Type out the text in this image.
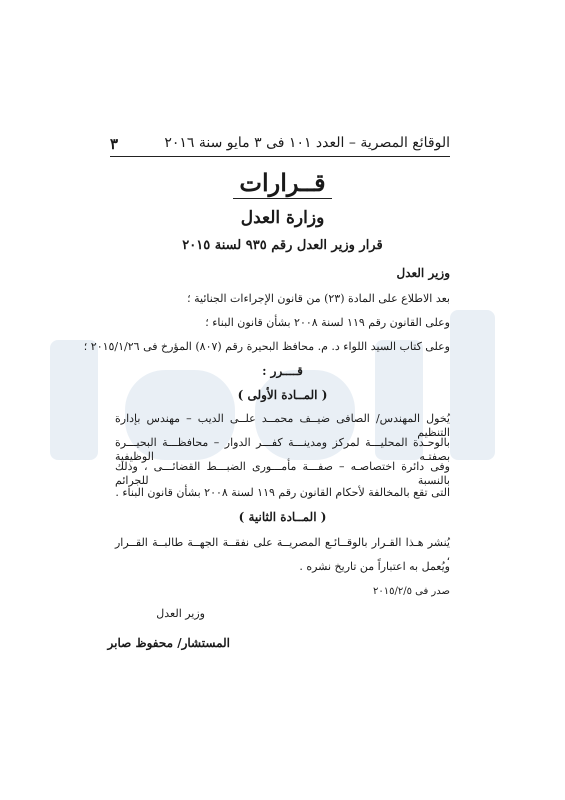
٣	الوقائع المصرية – العدد ١٠١ فى ٣ مايو سنة ٢٠١٦
قــرارات
وزارة العدل
قرار وزير العدل رقم ٩٣٥ لسنة ٢٠١٥
وزير العدل
بعد الاطلاع على المادة (٢٣) من قانون الإجراءات الجنائية ؛
وعلى القانون رقم ١١٩ لسنة ٢٠٠٨ بشأن قانون البناء ؛
وعلى كتاب السيد اللواء د. م. محافظ البحيرة رقم (٨٠٧) المؤرخ فى ٢٠١٥/١/٢٦ ؛
قــــرر :
( المــادة الأولى )
يُخول المهندس/ الصافى ضيــف محمــد علــى الديب – مهندس بإدارة التنظيم
بالوحـدة المحليـــة لمركز ومدينـــة كفـــر الدوار – محافظـــة البحيـــرة بصفتـه الوظيفية
وفى دائرة اختصاصـه – صفـــة مأمـــورى الضبـــط القضائـــى ، وذلك بالنسبة للجرائم
التى تقع بالمخالفة لأحكام القانون رقم ١١٩ لسنة ٢٠٠٨ بشأن قانون البناء .
( المــادة الثانية )
يُنشر هـذا القـرار بالوقــائـع المصريــة على نفقــة الجهــة طالبــة القــرار ،
ويُعمل به اعتباراً من تاريخ نشره .
صدر فى ٢٠١٥/٢/٥
وزير العدل
المستشار/ محفوظ صابر
